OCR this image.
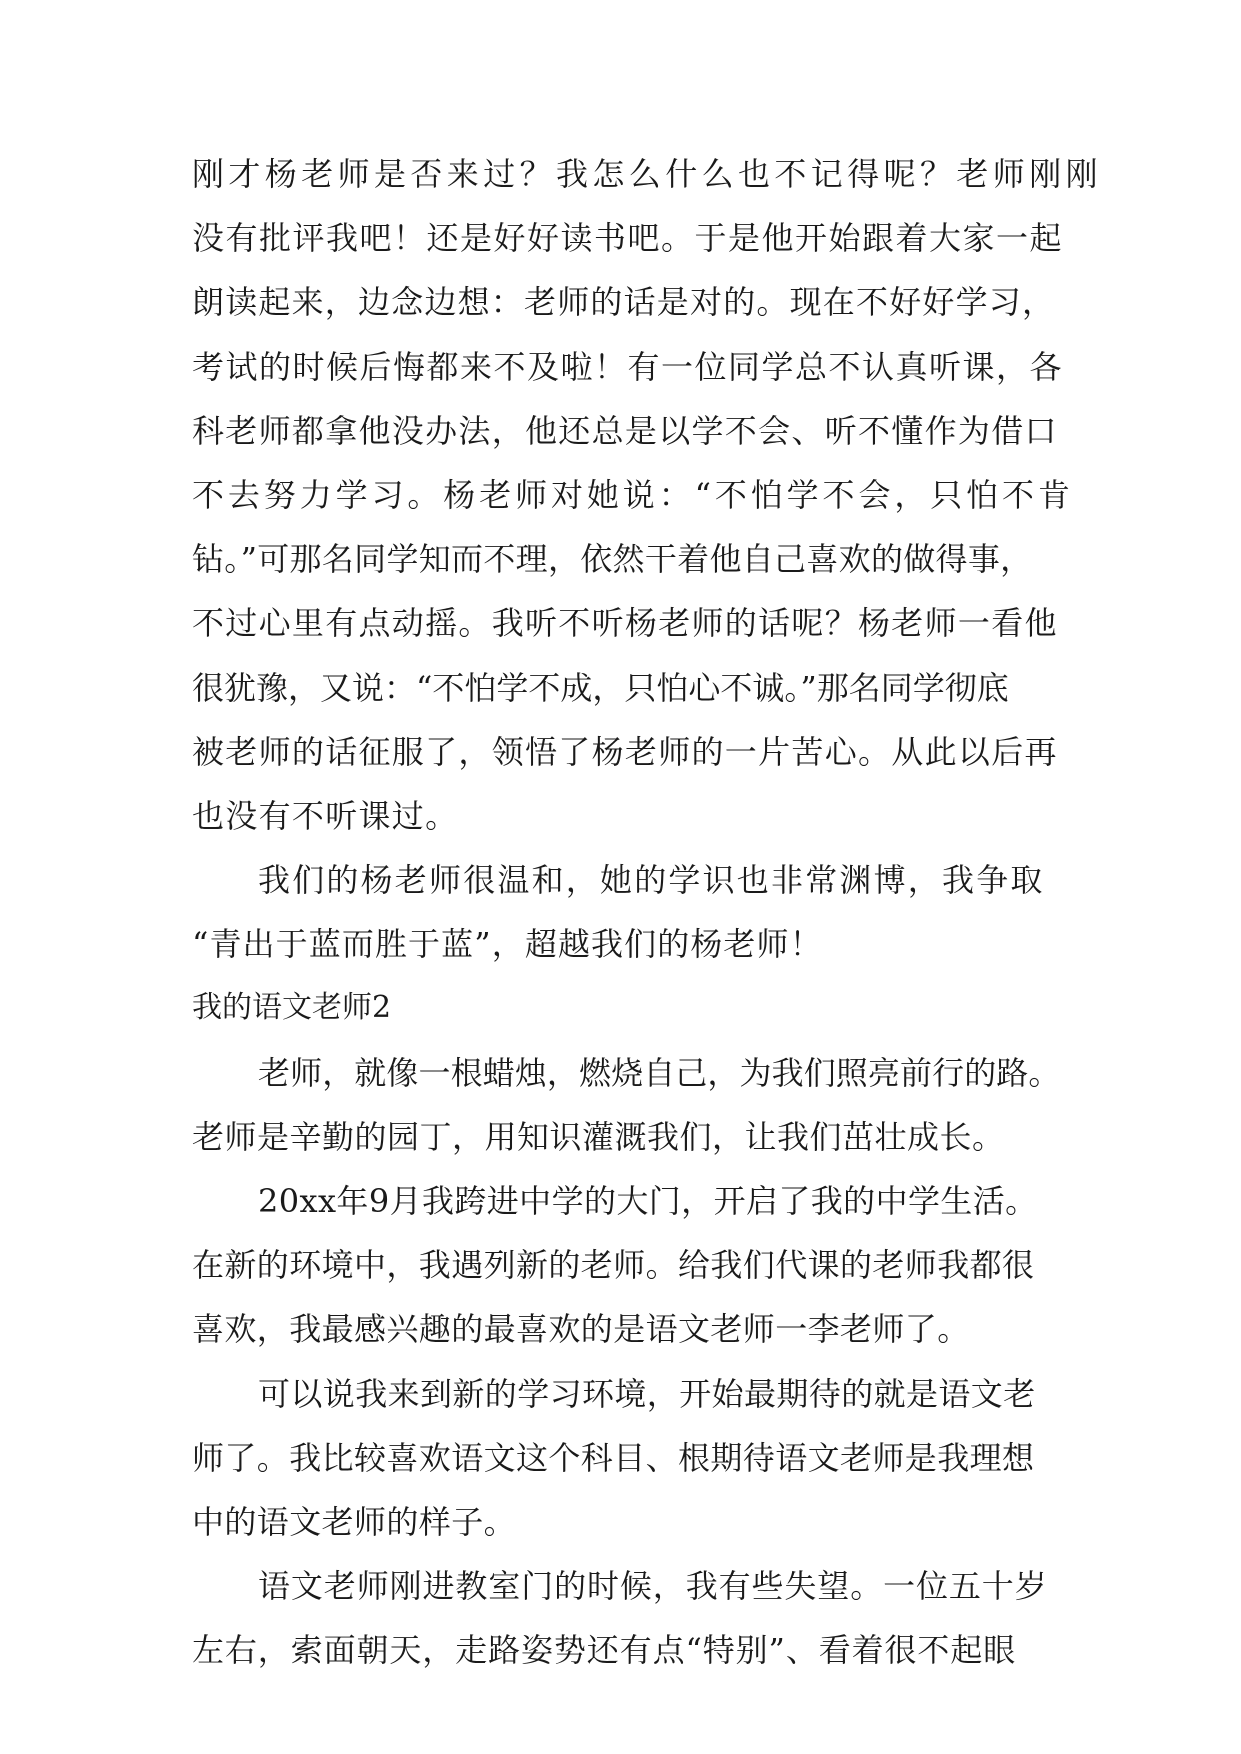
刚才杨老师是否来过？我怎么什么也不记得呢？老师刚刚
没有批评我吧！还是好好读书吧。于是他开始跟着大家一起
朗读起来，边念边想：老师的话是对的。现在不好好学习，
考试的时候后悔都来不及啦！有一位同学总不认真听课，各
科老师都拿他没办法，他还总是以学不会、听不懂作为借口
不去努力学习。杨老师对她说：“不怕学不会，只怕不肯
钻。”可那名同学知而不理，依然干着他自己喜欢的做得事，
不过心里有点动摇。我听不听杨老师的话呢？杨老师一看他
很犹豫，又说：“不怕学不成，只怕心不诚。”那名同学彻底
被老师的话征服了，领悟了杨老师的一片苦心。从此以后再
也没有不听课过。
我们的杨老师很温和，她的学识也非常渊博，我争取
“青出于蓝而胜于蓝”，超越我们的杨老师！
我的语文老师2
老师，就像一根蜡烛，燃烧自己，为我们照亮前行的路。
老师是辛勤的园丁，用知识灌溉我们，让我们茁壮成长。
20xx年9月我跨进中学的大门，开启了我的中学生活。
在新的环境中，我遇列新的老师。给我们代课的老师我都很
喜欢，我最感兴趣的最喜欢的是语文老师一李老师了。
可以说我来到新的学习环境，开始最期待的就是语文老
师了。我比较喜欢语文这个科目、根期待语文老师是我理想
中的语文老师的样子。
语文老师刚进教室门的时候，我有些失望。一位五十岁
左右，索面朝天，走路姿势还有点“特别”、看着很不起眼
